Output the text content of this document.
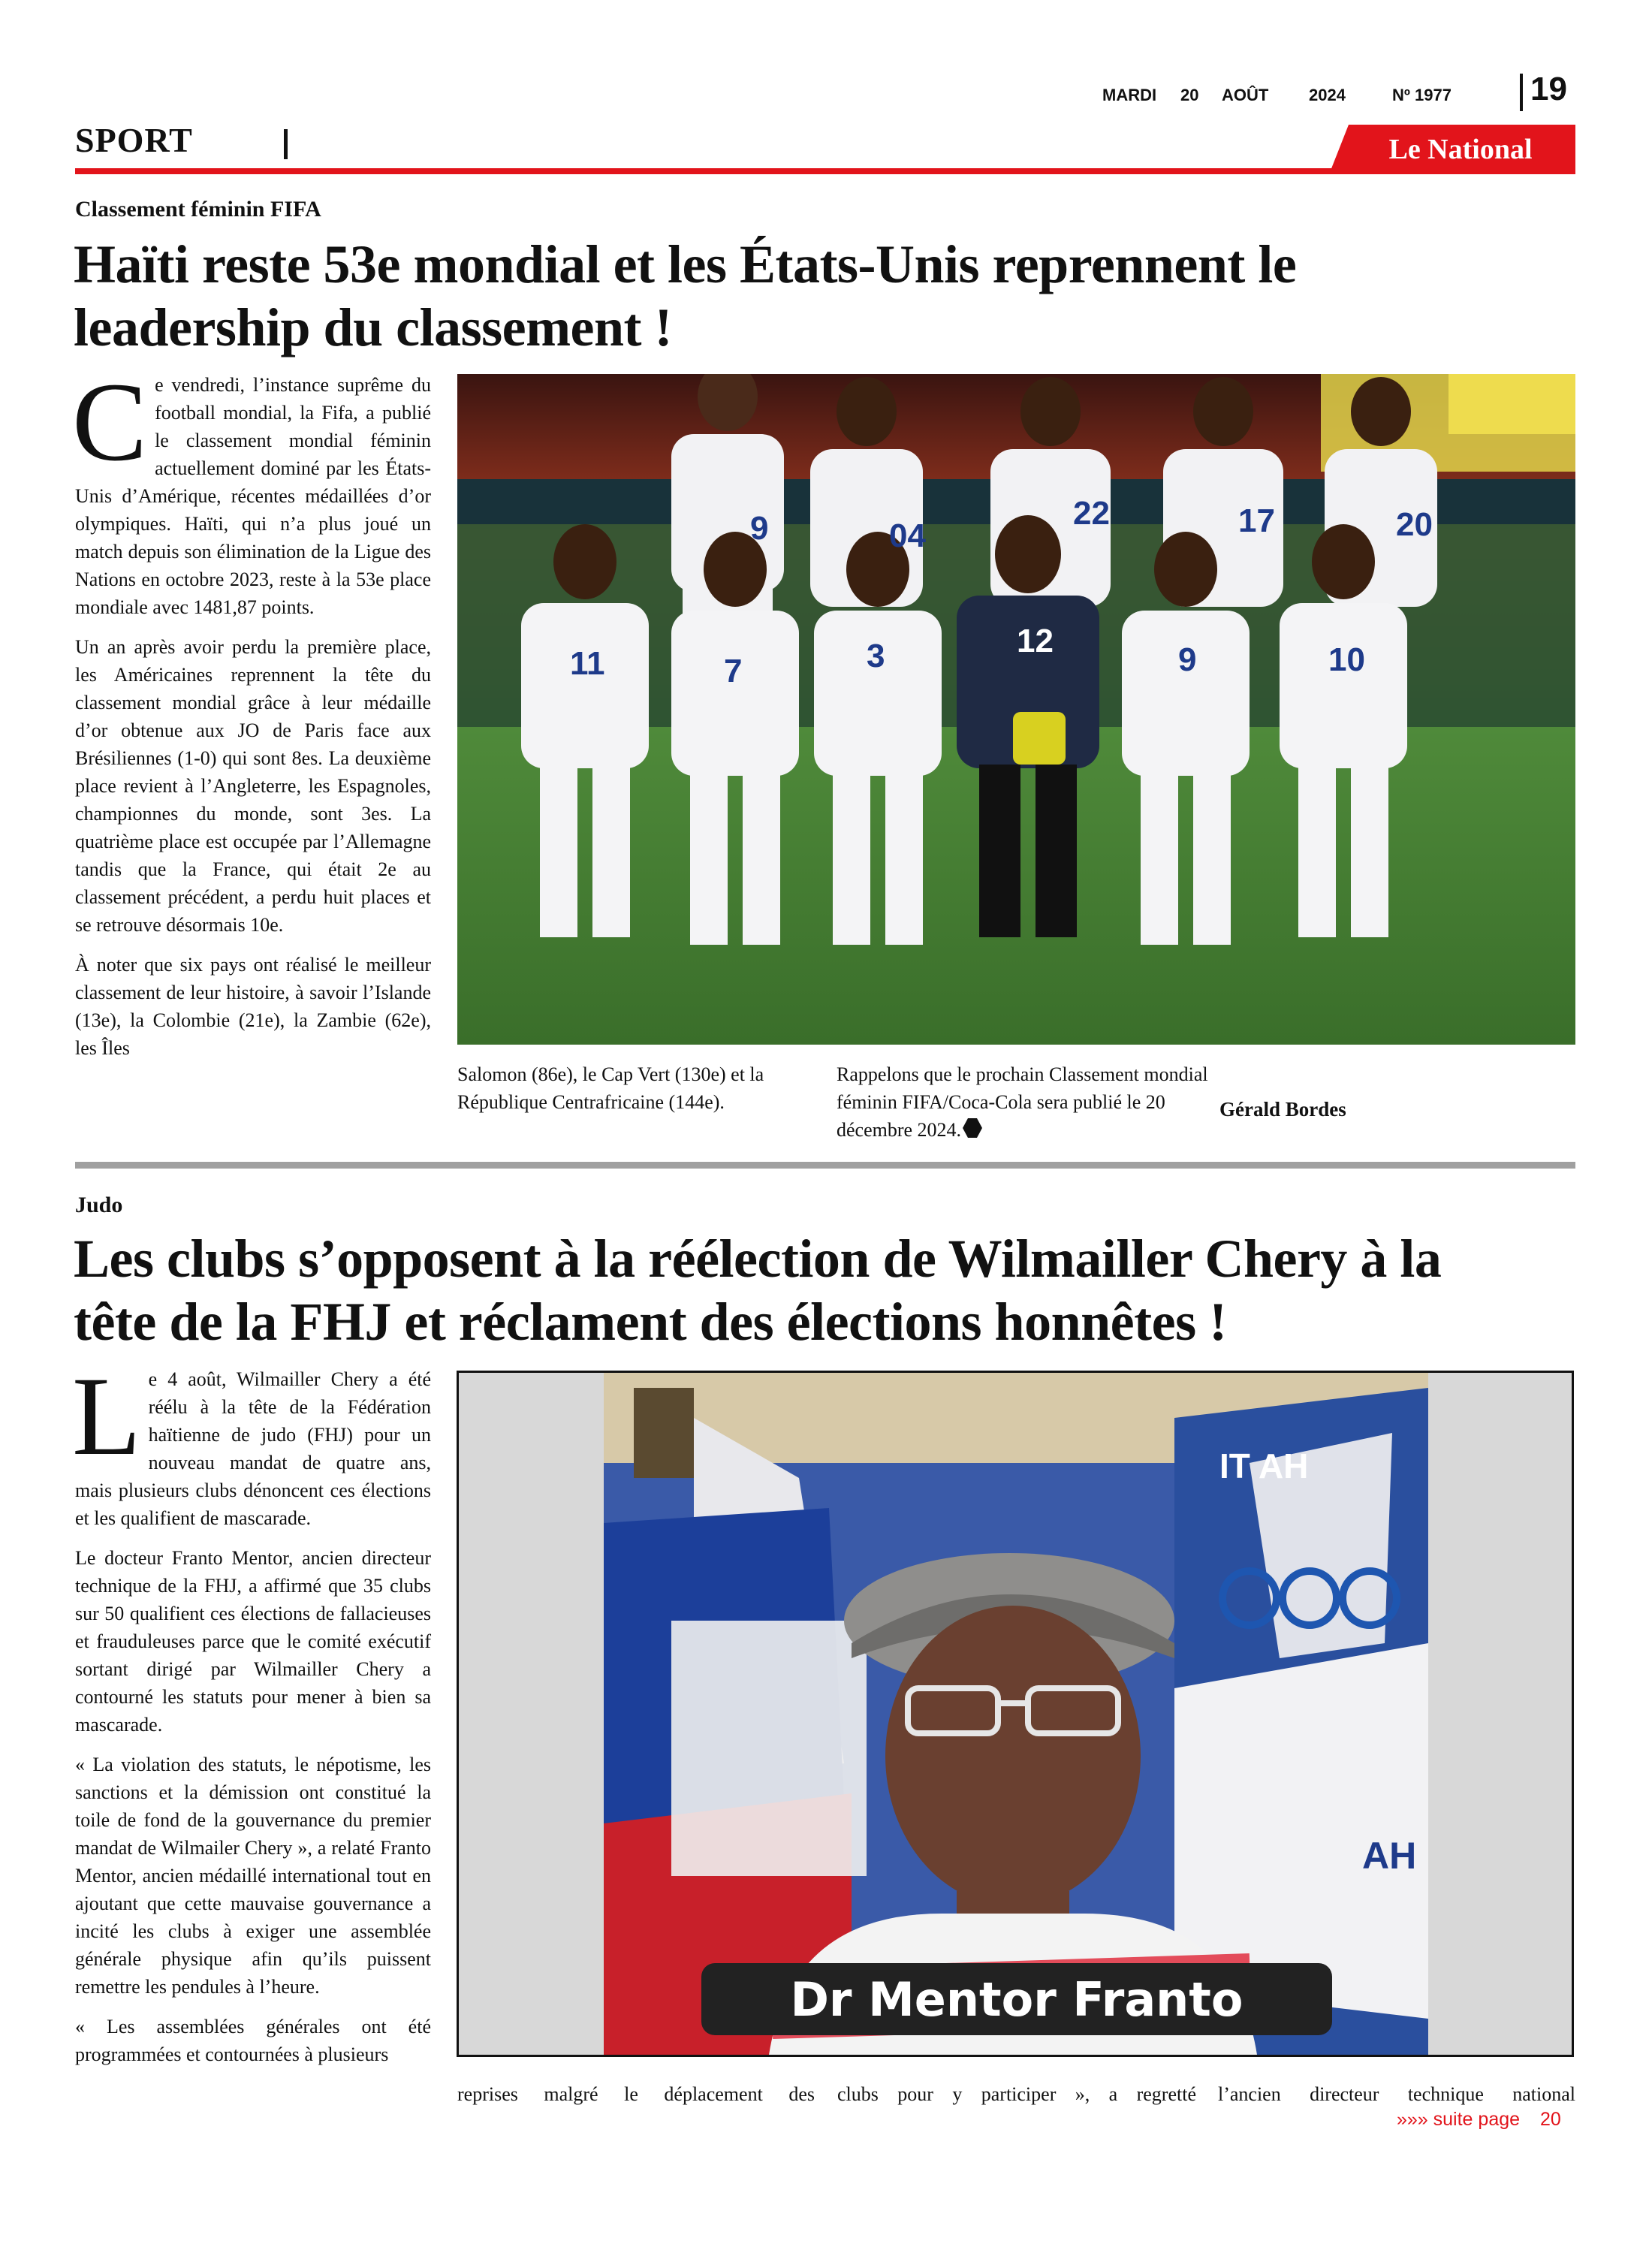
MARDI 20 AOÛT 2024	Nº 1977 19
SPORT	Le National
Classement féminin FIFA
Haïti reste 53e mondial et les États-Unis reprennent le
leadership du classement !

Ce vendredi, l’instance suprême du football mondial, la Fifa, a publié le classement mondial féminin actuellement dominé par les États-Unis d’Amérique, récentes médaillées d’or olympiques. Haïti, qui n’a plus joué un match depuis son élimination de la Ligue des Nations en octobre 2023, reste à la 53e place mondiale avec 1481,87 points.

Un an après avoir perdu la première place, les Américaines reprennent la tête du classement mondial grâce à leur médaille d’or obtenue aux JO de Paris face aux Brésiliennes (1-0) qui sont 8es. La deuxième place revient à l’Angleterre, les Espagnoles, championnes du monde, sont 3es. La quatrième place est occupée par l’Allemagne tandis que la France, qui était 2e au classement précédent, a perdu huit places et se retrouve désormais 10e.

À noter que six pays ont réalisé le meilleur classement de leur histoire, à savoir l’Islande (13e), la Colombie (21e), la Zambie (62e), les Îles

9	04
22	17	20
11	7	3	12
9	10
Salomon (86e), le Cap Vert (130e) et la République Centrafricaine (144e).
Rappelons que le prochain Classement mondial féminin FIFA/Coca-Cola sera publié le 20 décembre 2024.
Gérald Bordes
Judo
Les clubs s’opposent à la réélection de Wilmailler Chery à la
tête de la FHJ et réclament des élections honnêtes !

Le 4 août, Wilmailler Chery a été réélu à la tête de la Fédération haïtienne de judo (FHJ) pour un nouveau mandat de quatre ans, mais plusieurs clubs dénoncent ces élections et les qualifient de mascarade.

Le docteur Franto Mentor, ancien directeur technique de la FHJ, a affirmé que 35 clubs sur 50 qualifient ces élections de fallacieuses et frauduleuses parce que le comité exécutif sortant dirigé par Wilmailler Chery a contourné les statuts pour mener à bien sa mascarade.

« La violation des statuts, le népotisme, les sanctions et la démission ont constitué la toile de fond de la gouvernance du premier mandat de Wilmailer Chery », a relaté Franto Mentor, ancien médaillé international tout en ajoutant que cette mauvaise gouvernance a incité les clubs à exiger une assemblée générale physique afin qu’ils puissent remettre les pendules à l’heure.

« Les assemblées générales ont été programmées et contournées à plusieurs

IT AH
AH
Dr Mentor Franto
reprises malgré le déplacement des clubs pour y participer », a regretté l’ancien directeur technique national
»»» suite page 20
